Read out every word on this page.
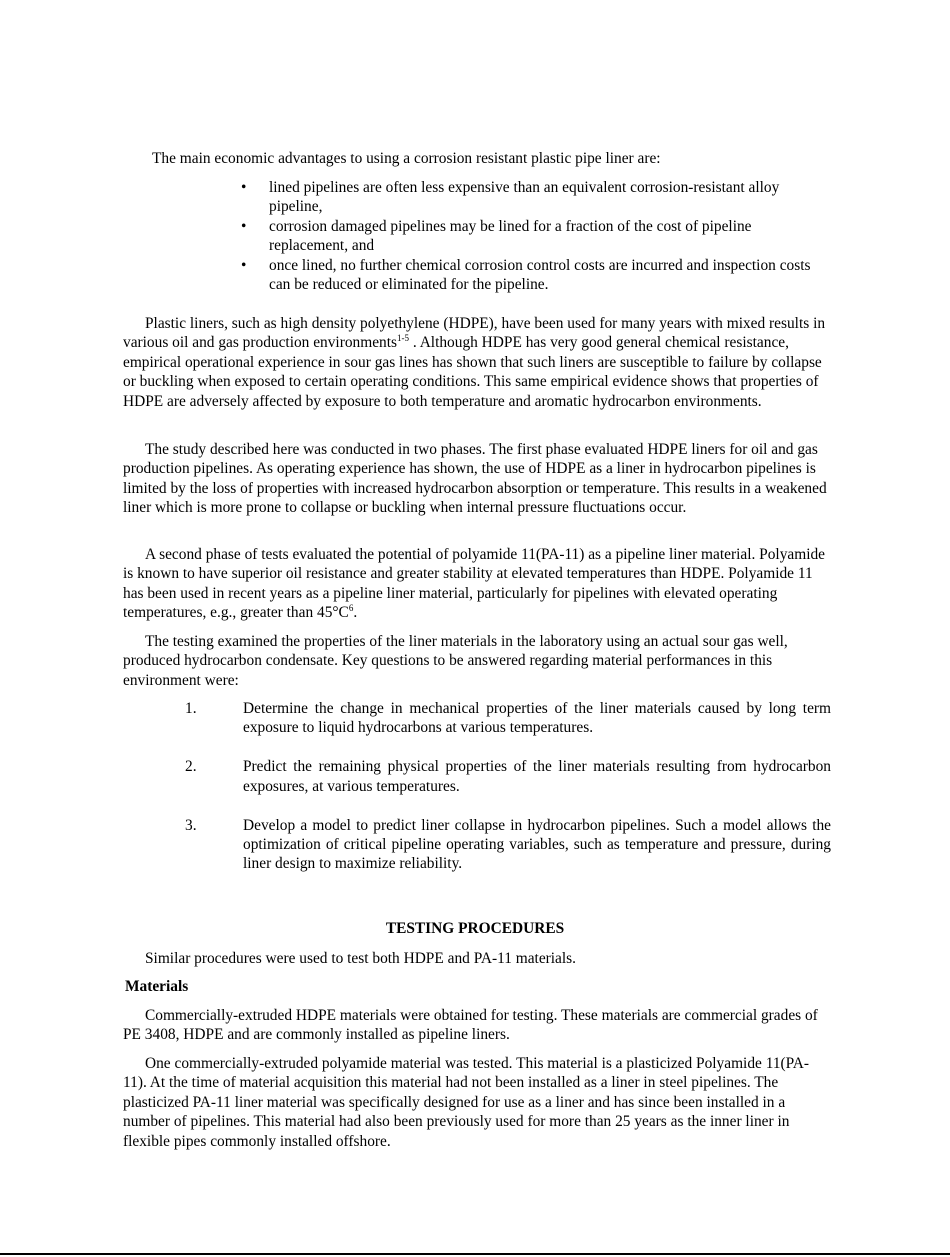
The main economic advantages to using a corrosion resistant plastic pipe liner are:

• lined pipelines are often less expensive than an equivalent corrosion-resistant alloy pipeline,
• corrosion damaged pipelines may be lined for a fraction of the cost of pipeline replacement, and
• once lined, no further chemical corrosion control costs are incurred and inspection costs can be reduced or eliminated for the pipeline.

Plastic liners, such as high density polyethylene (HDPE), have been used for many years with mixed results in various oil and gas production environments$^{1-5}$ . Although HDPE has very good general chemical resistance, empirical operational experience in sour gas lines has shown that such liners are susceptible to failure by collapse or buckling when exposed to certain operating conditions. This same empirical evidence shows that properties of HDPE are adversely affected by exposure to both temperature and aromatic hydrocarbon environments.

The study described here was conducted in two phases. The first phase evaluated HDPE liners for oil and gas production pipelines. As operating experience has shown, the use of HDPE as a liner in hydrocarbon pipelines is limited by the loss of properties with increased hydrocarbon absorption or temperature. This results in a weakened liner which is more prone to collapse or buckling when internal pressure fluctuations occur.

A second phase of tests evaluated the potential of polyamide 11(PA-11) as a pipeline liner material. Polyamide is known to have superior oil resistance and greater stability at elevated temperatures than HDPE. Polyamide 11 has been used in recent years as a pipeline liner material, particularly for pipelines with elevated operating temperatures, e.g., greater than $45^\circ C^6$.

The testing examined the properties of the liner materials in the laboratory using an actual sour gas well, produced hydrocarbon condensate. Key questions to be answered regarding material performances in this environment were:

1.	Determine the change in mechanical properties of the liner materials caused by long term exposure to liquid hydrocarbons at various temperatures.
2.	Predict the remaining physical properties of the liner materials resulting from hydrocarbon exposures, at various temperatures.
3.	Develop a model to predict liner collapse in hydrocarbon pipelines. Such a model allows the optimization of critical pipeline operating variables, such as temperature and pressure, during liner design to maximize reliability.

TESTING PROCEDURES

Similar procedures were used to test both HDPE and PA-11 materials.

Materials

Commercially-extruded HDPE materials were obtained for testing. These materials are commercial grades of PE 3408, HDPE and are commonly installed as pipeline liners.

One commercially-extruded polyamide material was tested. This material is a plasticized Polyamide 11(PA-11). At the time of material acquisition this material had not been installed as a liner in steel pipelines. The plasticized PA-11 liner material was specifically designed for use as a liner and has since been installed in a number of pipelines. This material had also been previously used for more than 25 years as the inner liner in flexible pipes commonly installed offshore.
